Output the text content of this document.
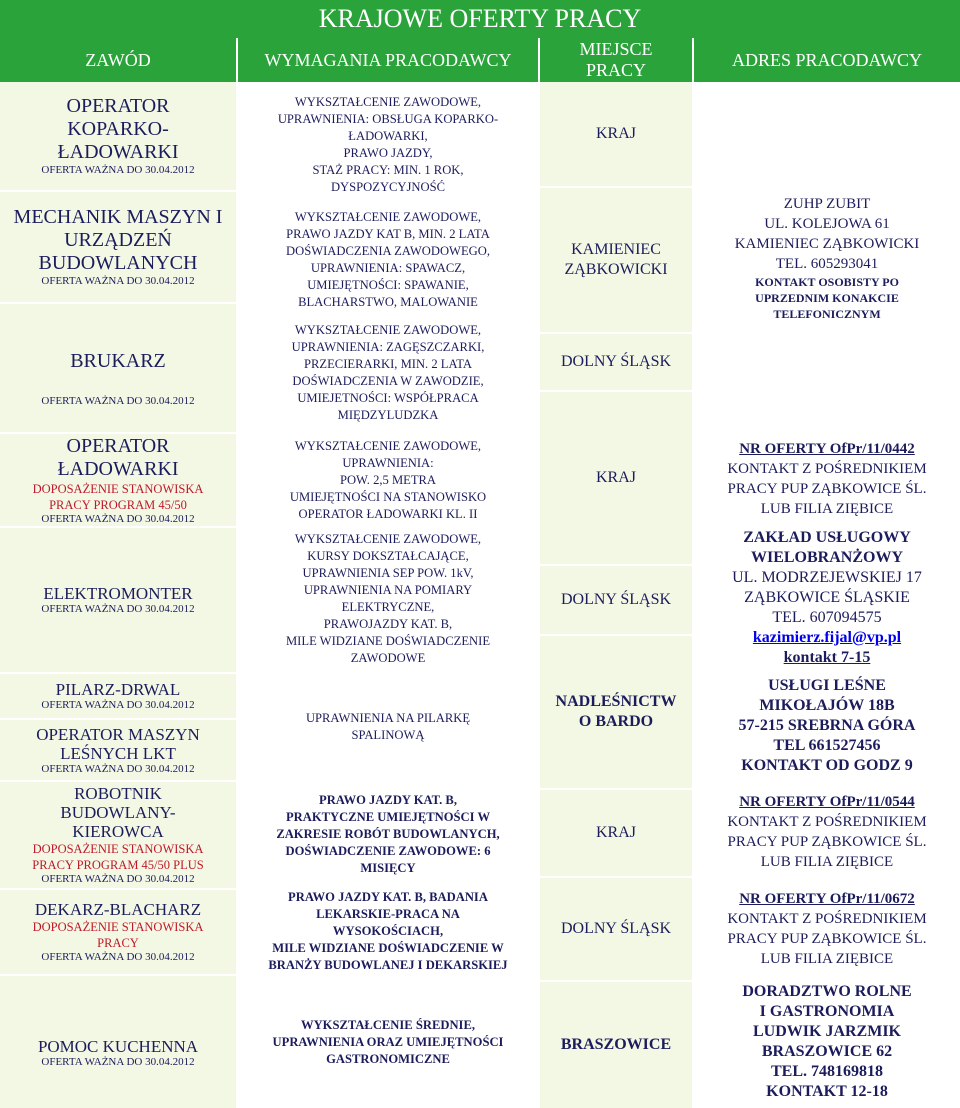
KRAJOWE OFERTY PRACY
ZAWÓD	WYMAGANIA PRACODAWCY
MIEJSCE PRACY
ADRES PRACODAWCY
OPERATOR KOPARKO-ŁADOWARKI
OFERTA WAŻNA DO 30.04.2012
MECHANIK MASZYN I URZĄDZEŃ BUDOWLANYCH
OFERTA WAŻNA DO 30.04.2012
BRUKARZ
OFERTA WAŻNA DO 30.04.2012
OPERATOR ŁADOWARKI
DOPOSAŻENIE STANOWISKA PRACY PROGRAM 45/50
OFERTA WAŻNA DO 30.04.2012
ELEKTROMONTER
OFERTA WAŻNA DO 30.04.2012
PILARZ-DRWAL
OFERTA WAŻNA DO 30.04.2012
OPERATOR MASZYN LEŚNYCH LKT
OFERTA WAŻNA DO 30.04.2012
ROBOTNIK BUDOWLANY-KIEROWCA
DOPOSAŻENIE STANOWISKA PRACY PROGRAM 45/50 PLUS
OFERTA WAŻNA DO 30.04.2012
DEKARZ-BLACHARZ
DOPOSAŻENIE STANOWISKA PRACY
OFERTA WAŻNA DO 30.04.2012
POMOC KUCHENNA
OFERTA WAŻNA DO 30.04.2012
WYKSZTAŁCENIE ZAWODOWE,
UPRAWNIENIA: OBSŁUGA KOPARKO-
ŁADOWARKI,
PRAWO JAZDY,
STAŻ PRACY: MIN. 1 ROK,
DYSPOZYCYJNOŚĆ
WYKSZTAŁCENIE ZAWODOWE,
PRAWO JAZDY KAT B, MIN. 2 LATA
DOŚWIADCZENIA ZAWODOWEGO,
UPRAWNIENIA: SPAWACZ,
UMIEJĘTNOŚCI: SPAWANIE,
BLACHARSTWO, MALOWANIE
WYKSZTAŁCENIE ZAWODOWE,
UPRAWNIENIA: ZAGĘSZCZARKI,
PRZECIERARKI, MIN. 2 LATA
DOŚWIADCZENIA W ZAWODZIE,
UMIEJETNOŚCI: WSPÓŁPRACA
MIĘDZYLUDZKA
WYKSZTAŁCENIE ZAWODOWE,
UPRAWNIENIA:
POW. 2,5 METRA
UMIEJĘTNOŚCI NA STANOWISKO
OPERATOR ŁADOWARKI KL. II
WYKSZTAŁCENIE ZAWODOWE,
KURSY DOKSZTAŁCAJĄCE,
UPRAWNIENIA SEP POW. 1kV,
UPRAWNIENIA NA POMIARY
ELEKTRYCZNE,
PRAWOJAZDY KAT. B,
MILE WIDZIANE DOŚWIADCZENIE
ZAWODOWE
UPRAWNIENIA NA PILARKĘ
SPALINOWĄ
PRAWO JAZDY KAT. B,
PRAKTYCZNE UMIEJĘTNOŚCI W
ZAKRESIE ROBÓT BUDOWLANYCH,
DOŚWIADCZENIE ZAWODOWE: 6
MISIĘCY
PRAWO JAZDY KAT. B, BADANIA
LEKARSKIE-PRACA NA
WYSOKOŚCIACH,
MILE WIDZIANE DOŚWIADCZENIE W
BRANŻY BUDOWLANEJ I DEKARSKIEJ
WYKSZTAŁCENIE ŚREDNIE,
UPRAWNIENIA ORAZ UMIEJĘTNOŚCI
GASTRONOMICZNE
KRAJ
KAMIENIEC
ZĄBKOWICKI
DOLNY ŚLĄSK
KRAJ
DOLNY ŚLĄSK
NADLEŚNICTW
O BARDO
KRAJ
DOLNY ŚLĄSK
BRASZOWICE
ZUHP ZUBIT
UL. KOLEJOWA 61
KAMIENIEC ZĄBKOWICKI
TEL. 605293041
KONTAKT OSOBISTY PO
UPRZEDNIM KONAKCIE
TELEFONICZNYM
NR OFERTY OfPr/11/0442
KONTAKT Z POŚREDNIKIEM
PRACY PUP ZĄBKOWICE ŚL.
LUB FILIA ZIĘBICE
ZAKŁAD USŁUGOWY
WIELOBRANŻOWY
UL. MODRZEJEWSKIEJ 17
ZĄBKOWICE ŚLĄSKIE
TEL. 607094575
kazimierz.fijal@vp.pl
kontakt 7-15
USŁUGI LEŚNE
MIKOŁAJÓW 18B
57-215 SREBRNA GÓRA
TEL 661527456
KONTAKT OD GODZ 9
NR OFERTY OfPr/11/0544
KONTAKT Z POŚREDNIKIEM
PRACY PUP ZĄBKOWICE ŚL.
LUB FILIA ZIĘBICE
NR OFERTY OfPr/11/0672
KONTAKT Z POŚREDNIKIEM
PRACY PUP ZĄBKOWICE ŚL.
LUB FILIA ZIĘBICE
DORADZTWO ROLNE
I GASTRONOMIA
LUDWIK JARZMIK
BRASZOWICE 62
TEL. 748169818
KONTAKT 12-18
